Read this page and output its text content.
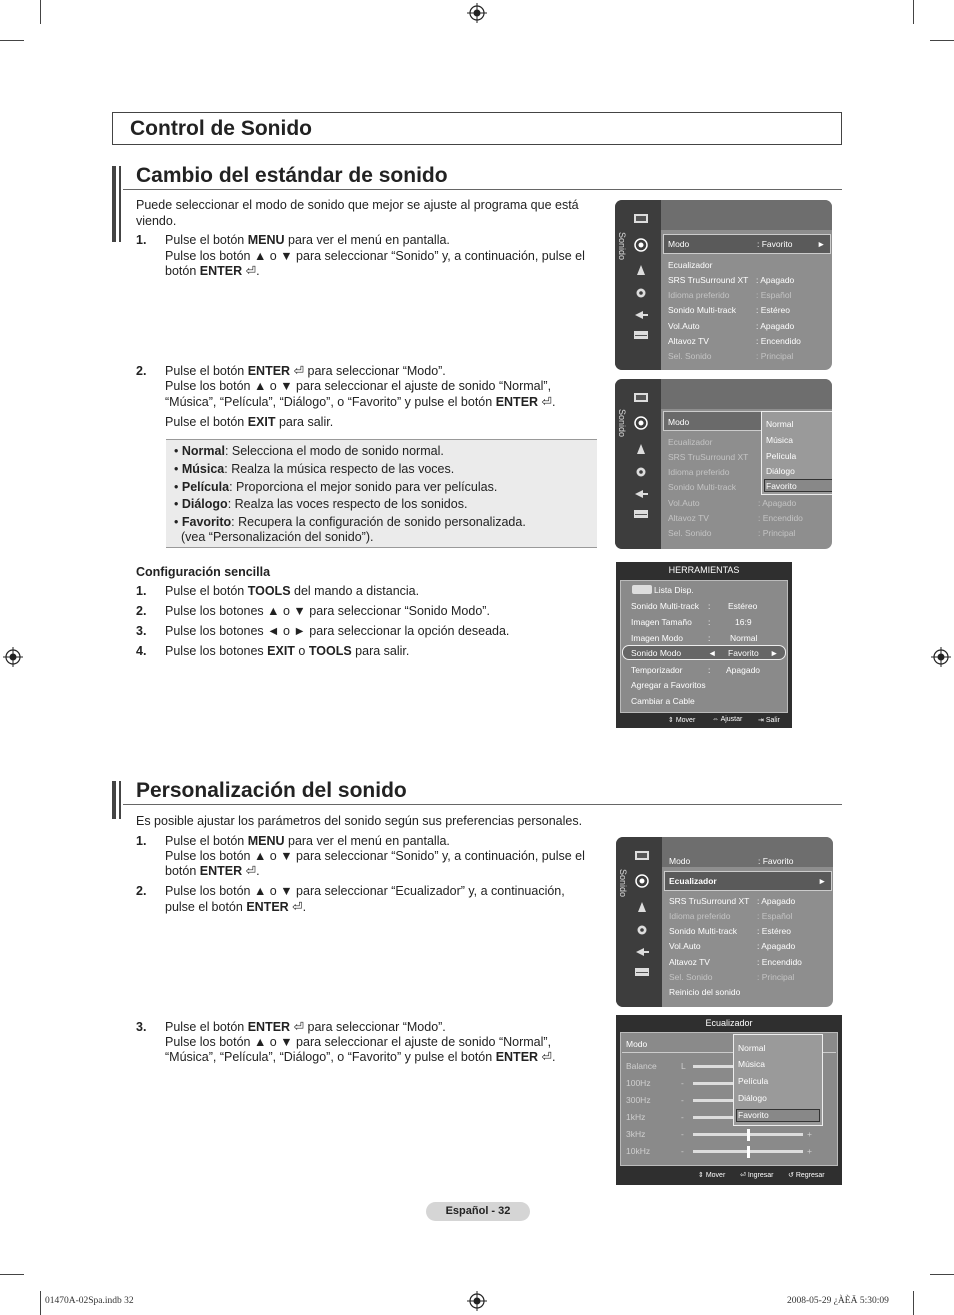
Control de Sonido
Cambio del estándar de sonido
Puede seleccionar el modo de sonido que mejor se ajuste al programa que está viendo.
1. Pulse el botón MENU para ver el menú en pantalla.
Pulse los botón ▲ o ▼ para seleccionar “Sonido” y, a continuación, pulse el
botón ENTER ⏎.
2. Pulse el botón ENTER ⏎ para seleccionar “Modo”.
Pulse los botón ▲ o ▼ para seleccionar el ajuste de sonido “Normal”,
“Música”, “Película”, “Diálogo”, o “Favorito” y pulse el botón ENTER ⏎.
Pulse el botón EXIT para salir.
• Normal: Selecciona el modo de sonido normal.
• Música: Realza la música respecto de las voces.
• Película: Proporciona el mejor sonido para ver películas.
• Diálogo: Realza las voces respecto de los sonidos.
• Favorito: Recupera la configuración de sonido personalizada.
(vea “Personalización del sonido”).
Configuración sencilla
1. Pulse el botón TOOLS del mando a distancia.
2. Pulse los botones ▲ o ▼ para seleccionar “Sonido Modo”.
3. Pulse los botones ◄ o ► para seleccionar la opción deseada.
4. Pulse los botones EXIT o TOOLS para salir.
Sonido	Modo	: Favorito	►
Ecualizador
SRS TruSurround XT : Apagado
Idioma preferido	: Español
Sonido Multi-track : Estéreo
Vol.Auto	: Apagado
Altavoz TV	: Encendido
Sel. Sonido	: Principal
Sonido	Modo
Ecualizador
SRS TruSurround XT
Idioma preferido
Sonido Multi-track
Vol.Auto	: Apagado
Altavoz TV	: Encendido
Sel. Sonido	: Principal
Normal
Música
Película
Diálogo
Favorito
HERRAMIENTAS
Lista Disp.
Sonido Multi-track : Estéreo
Imagen Tamaño :	16:9
Imagen Modo	: Normal
Sonido Modo	◄ Favorito ►
Temporizador	: Apagado
Agregar a Favoritos
Cambiar a Cable
⇕ Mover ⇔ Ajustar ⇥ Salir
Personalización del sonido
Es posible ajustar los parámetros del sonido según sus preferencias personales.
1. Pulse el botón MENU para ver el menú en pantalla.
Pulse los botón ▲ o ▼ para seleccionar “Sonido” y, a continuación, pulse el
botón ENTER ⏎.
2. Pulse los botón ▲ o ▼ para seleccionar “Ecualizador” y, a continuación,
pulse el botón ENTER ⏎.
3. Pulse el botón ENTER ⏎ para seleccionar “Modo”.
Pulse los botón ▲ o ▼ para seleccionar el ajuste de sonido “Normal”,
“Música”, “Película”, “Diálogo”, o “Favorito” y pulse el botón ENTER ⏎.
Sonido
Modo	: Favorito
Ecualizador	►
SRS TruSurround XT : Apagado
Idioma preferido	: Español
Sonido Multi-track : Estéreo
Vol.Auto	: Apagado
Altavoz TV	: Encendido
Sel. Sonido	: Principal
Reinicio del sonido
Ecualizador
Modo
Balance	L
100Hz	-
300Hz	-
1kHz	-
3kHz	-	+
10kHz	-	+
Normal
Música
Película
Diálogo
Favorito
⇕ Mover ⏎ Ingresar ↺ Regresar
Español - 32
01470A-02Spa.indb 32	2008-05-29 ¿ÀÈÄ 5:30:09
